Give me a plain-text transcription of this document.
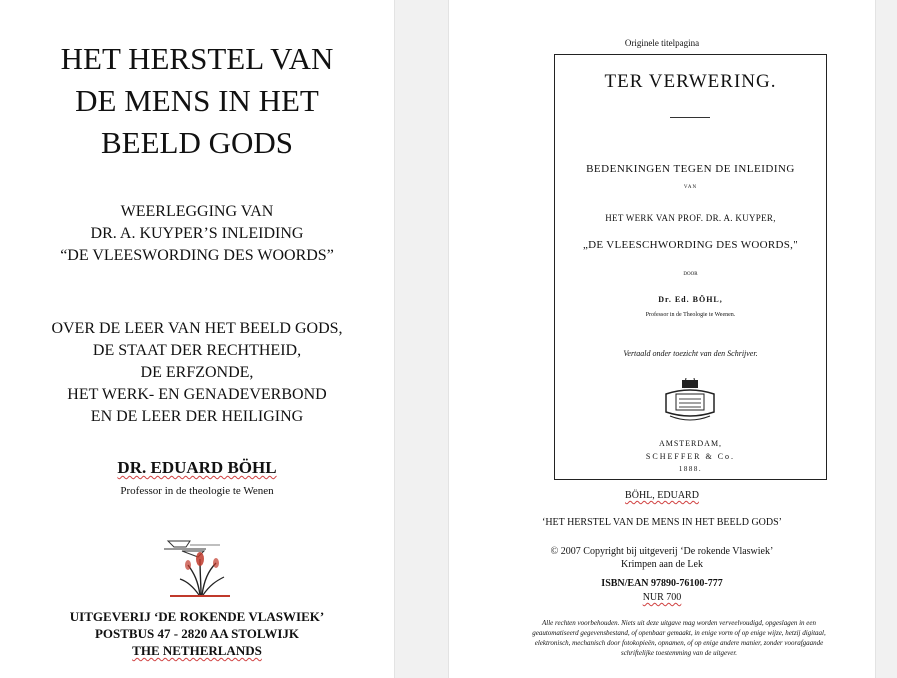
HET HERSTEL VAN
DE MENS IN HET
BEELD GODS
WEERLEGGING VAN
DR. A. KUYPER’S INLEIDING
“DE VLEESWORDING DES WOORDS”
OVER DE LEER VAN HET BEELD GODS,
DE STAAT DER RECHTHEID,
DE ERFZONDE,
HET WERK- EN GENADEVERBOND
EN DE LEER DER HEILIGING
DR. EDUARD BÖHL
Professor in de theologie te Wenen
UITGEVERIJ ‘DE ROKENDE VLASWIEK’
POSTBUS 47 - 2820 AA STOLWIJK
THE NETHERLANDS
Originele titelpagina
TER VERWERING.
BEDENKINGEN TEGEN DE INLEIDING
VAN
HET WERK VAN PROF. DR. A. KUYPER,
„DE VLEESCHWORDING DES WOORDS,"
DOOR
Dr. Ed. BÖHL,
Professor in de Theologie te Weenen.
Vertaald onder toezicht van den Schrijver.
AMSTERDAM,
SCHEFFER & Co.
1888.
BÖHL, EDUARD
‘HET HERSTEL VAN DE MENS IN HET BEELD GODS’
© 2007 Copyright bij uitgeverij ‘De rokende Vlaswiek’
Krimpen aan de Lek
ISBN/EAN 97890-76100-777
NUR 700
Alle rechten voorbehouden. Niets uit deze uitgave mag worden verveelvoudigd, opgeslagen in een geautomatiseerd gegevensbestand, of openbaar gemaakt, in enige vorm of op enige wijze, hetzij digitaal, elektronisch, mechanisch door fotokopieën, opnamen, of op enige andere manier, zonder voorafgaande schriftelijke toestemming van de uitgever.
